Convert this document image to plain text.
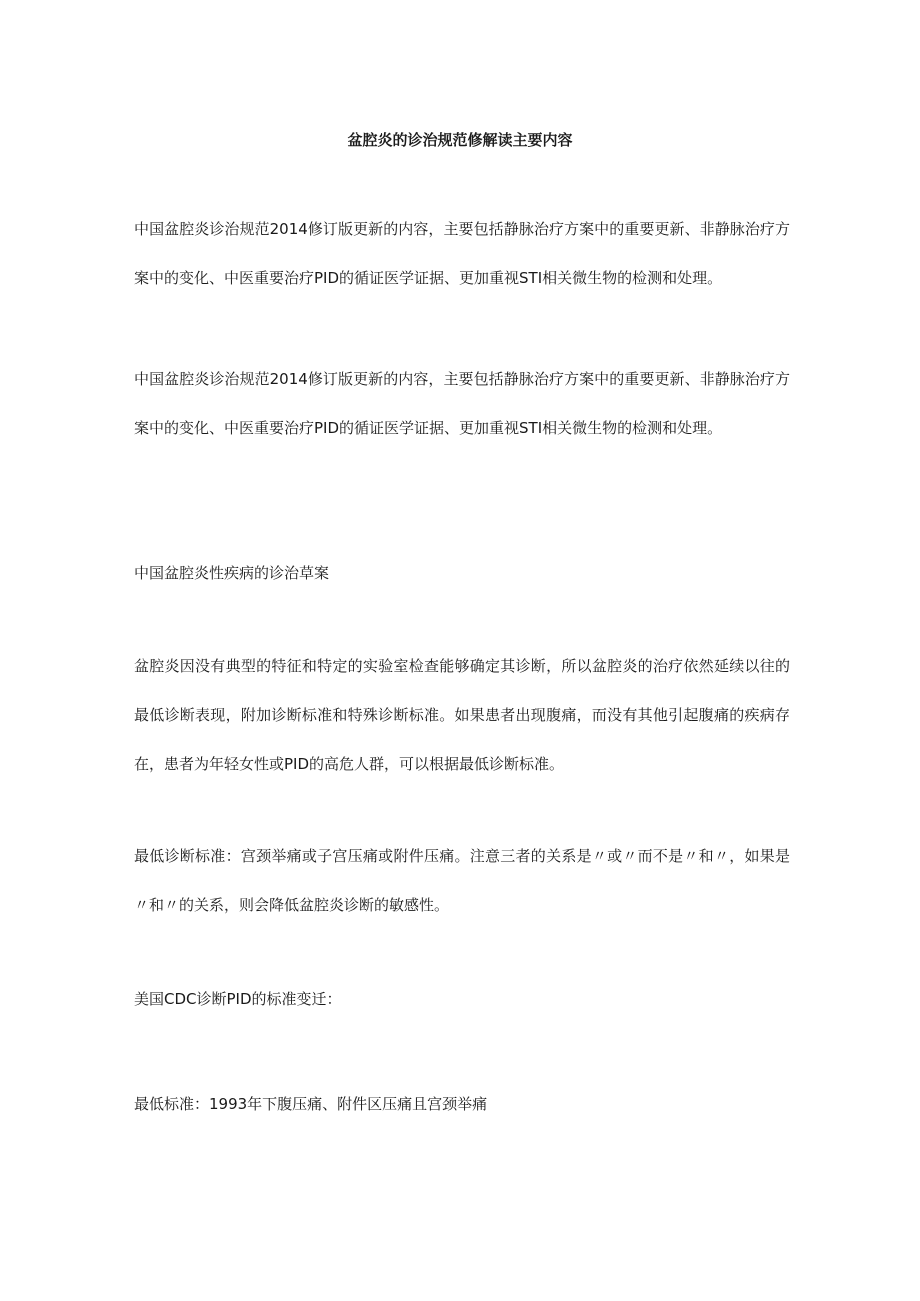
盆腔炎的诊治规范修解读主要内容

中国盆腔炎诊治规范2014修订版更新的内容，主要包括静脉治疗方案中的重要更新、非静脉治疗方案中的变化、中医重要治疗PID的循证医学证据、更加重视STI相关微生物的检测和处理。

中国盆腔炎诊治规范2014修订版更新的内容，主要包括静脉治疗方案中的重要更新、非静脉治疗方案中的变化、中医重要治疗PID的循证医学证据、更加重视STI相关微生物的检测和处理。

中国盆腔炎性疾病的诊治草案

盆腔炎因没有典型的特征和特定的实验室检查能够确定其诊断，所以盆腔炎的治疗依然延续以往的最低诊断表现，附加诊断标准和特殊诊断标准。如果患者出现腹痛，而没有其他引起腹痛的疾病存在，患者为年轻女性或PID的高危人群，可以根据最低诊断标准。

最低诊断标准：宫颈举痛或子宫压痛或附件压痛。注意三者的关系是〃或〃而不是〃和〃，如果是〃和〃的关系，则会降低盆腔炎诊断的敏感性。

美国CDC诊断PID的标准变迁：

最低标准：1993年下腹压痛、附件区压痛且宫颈举痛
